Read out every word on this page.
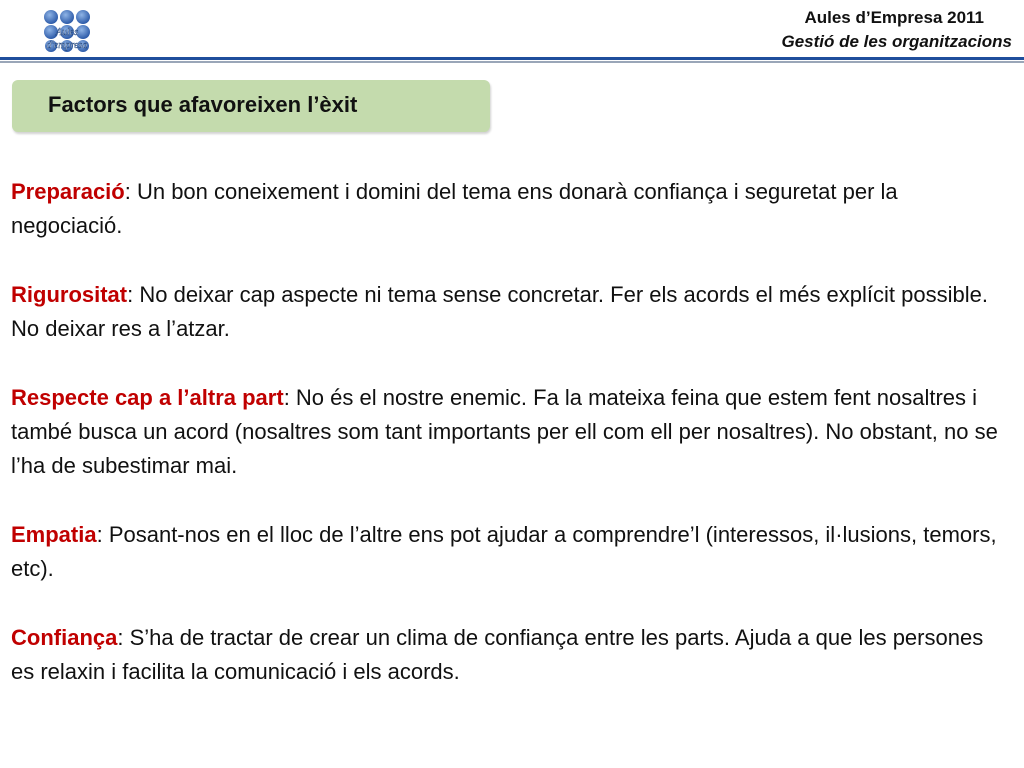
Aules
d'empresa
Aules d’Empresa 2011
Gestió de les organitzacions
Factors que afavoreixen l’èxit

Preparació: Un bon coneixement i domini del tema ens donarà confiança i seguretat per la negociació.

Rigurositat: No deixar cap aspecte ni tema sense concretar. Fer els acords el més explícit possible. No deixar res a l’atzar.

Respecte cap a l’altra part: No és el nostre enemic. Fa la mateixa feina que estem fent nosaltres i també busca un acord (nosaltres som tant importants per ell com ell per nosaltres). No obstant, no se l’ha de subestimar mai.

Empatia: Posant-nos en el lloc de l’altre ens pot ajudar a comprendre’l (interessos, il·lusions, temors, etc).

Confiança: S’ha de tractar de crear un clima de confiança entre les parts. Ajuda a que les persones es relaxin i facilita la comunicació i els acords.
